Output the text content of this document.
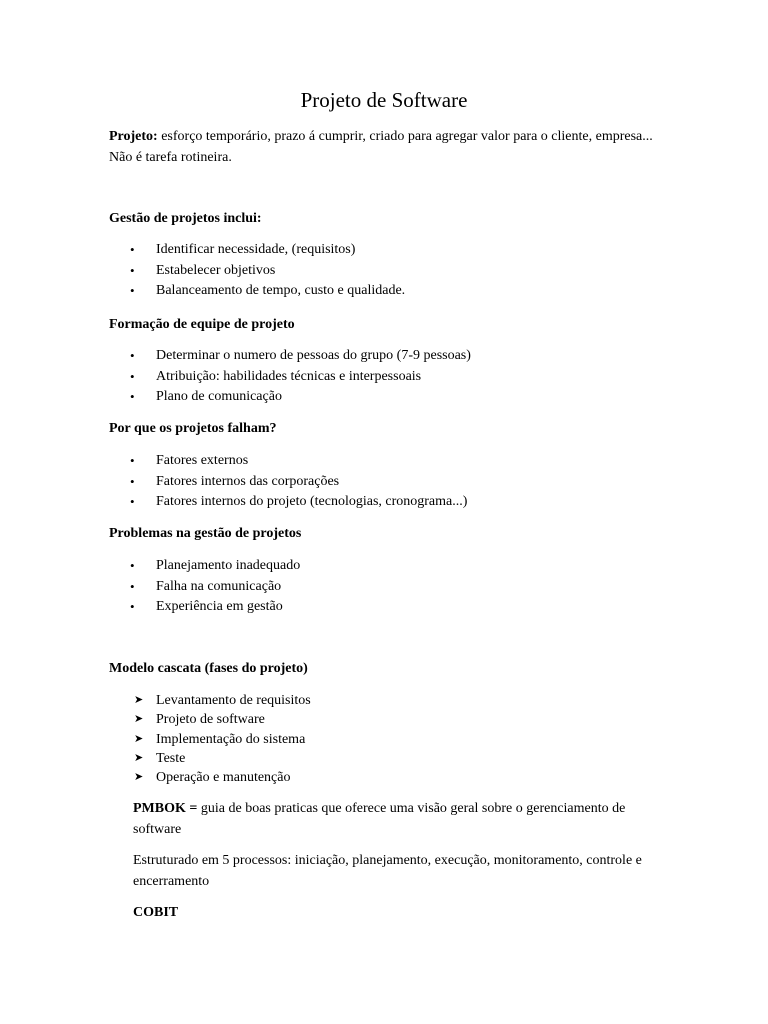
Projeto de Software
Projeto: esforço temporário, prazo á cumprir, criado para agregar valor para o cliente, empresa... Não é tarefa rotineira.
Gestão de projetos inclui:
• Identificar necessidade, (requisitos)
• Estabelecer objetivos
• Balanceamento de tempo, custo e qualidade.
Formação de equipe de projeto
• Determinar o numero de pessoas do grupo (7-9 pessoas)
• Atribuição: habilidades técnicas e interpessoais
• Plano de comunicação
Por que os projetos falham?
• Fatores externos
• Fatores internos das corporações
• Fatores internos do projeto (tecnologias, cronograma...)
Problemas na gestão de projetos
• Planejamento inadequado
• Falha na comunicação
• Experiência em gestão
Modelo cascata (fases do projeto)
➤ Levantamento de requisitos
➤ Projeto de software
➤ Implementação do sistema
➤ Teste
➤ Operação e manutenção
PMBOK = guia de boas praticas que oferece uma visão geral sobre o gerenciamento de software
Estruturado em 5 processos: iniciação, planejamento, execução, monitoramento, controle e encerramento
COBIT
